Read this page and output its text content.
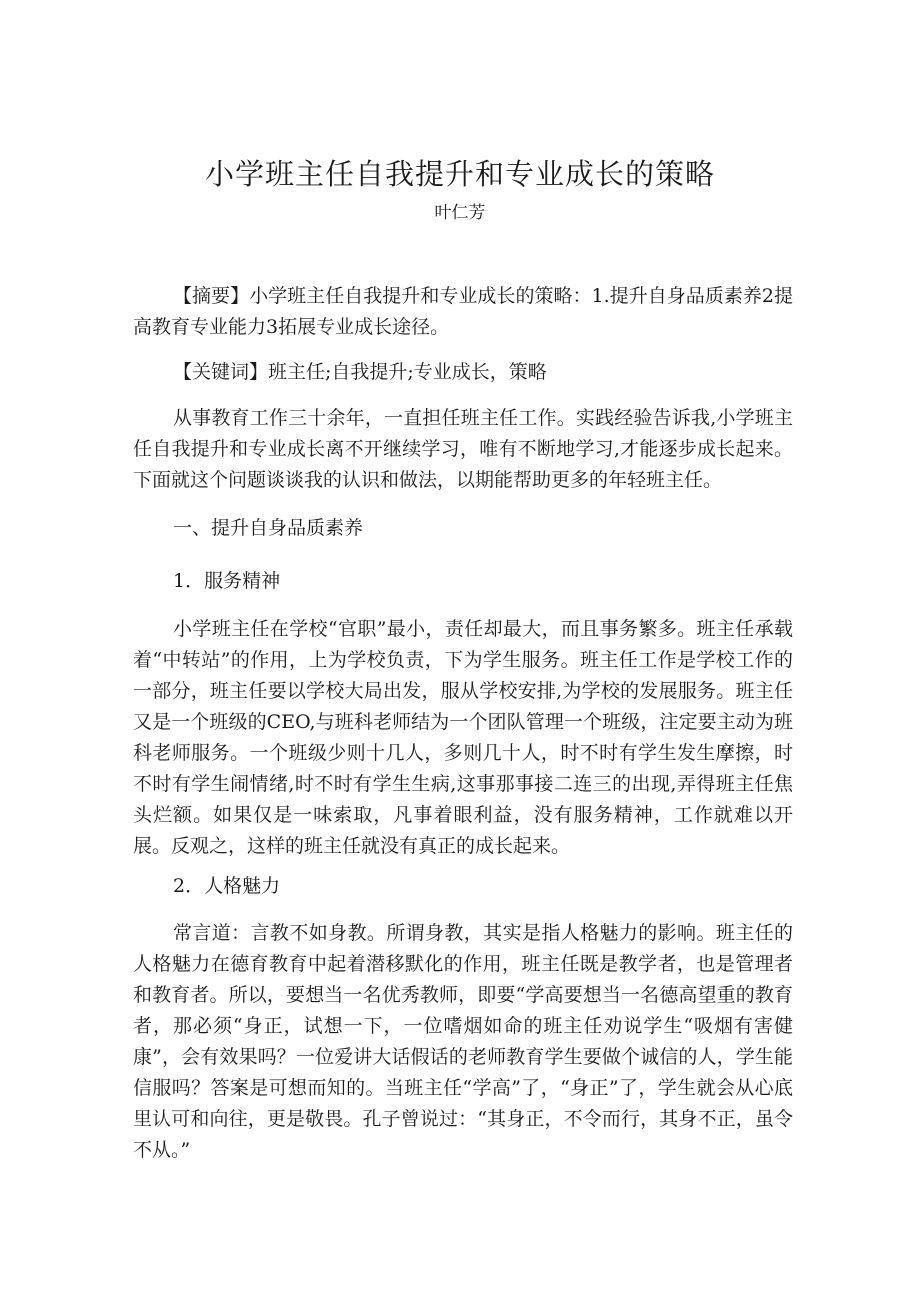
小学班主任自我提升和专业成长的策略

叶仁芳

【摘要】小学班主任自我提升和专业成长的策略：1.提升自身品质素养2提高教育专业能力3拓展专业成长途径。

【关键词】班主任;自我提升;专业成长，策略

从事教育工作三十余年，一直担任班主任工作。实践经验告诉我,小学班主任自我提升和专业成长离不开继续学习，唯有不断地学习,才能逐步成长起来。下面就这个问题谈谈我的认识和做法，以期能帮助更多的年轻班主任。

一、提升自身品质素养

1．服务精神

小学班主任在学校“官职”最小，责任却最大，而且事务繁多。班主任承载着“中转站”的作用，上为学校负责，下为学生服务。班主任工作是学校工作的一部分，班主任要以学校大局出发，服从学校安排,为学校的发展服务。班主任又是一个班级的CEO,与班科老师结为一个团队管理一个班级，注定要主动为班科老师服务。一个班级少则十几人，多则几十人，时不时有学生发生摩擦，时不时有学生闹情绪,时不时有学生生病,这事那事接二连三的出现,弄得班主任焦头烂额。如果仅是一味索取，凡事着眼利益，没有服务精神，工作就难以开展。反观之，这样的班主任就没有真正的成长起来。

2．人格魅力

常言道：言教不如身教。所谓身教，其实是指人格魅力的影响。班主任的人格魅力在德育教育中起着潜移默化的作用，班主任既是教学者，也是管理者和教育者。所以，要想当一名优秀教师，即要“学高要想当一名德高望重的教育者，那必须“身正，试想一下，一位嗜烟如命的班主任劝说学生“吸烟有害健康”，会有效果吗？一位爱讲大话假话的老师教育学生要做个诚信的人，学生能信服吗？答案是可想而知的。当班主任“学高”了，“身正”了，学生就会从心底里认可和向往，更是敬畏。孔子曾说过：“其身正，不令而行，其身不正，虽令不从。”
